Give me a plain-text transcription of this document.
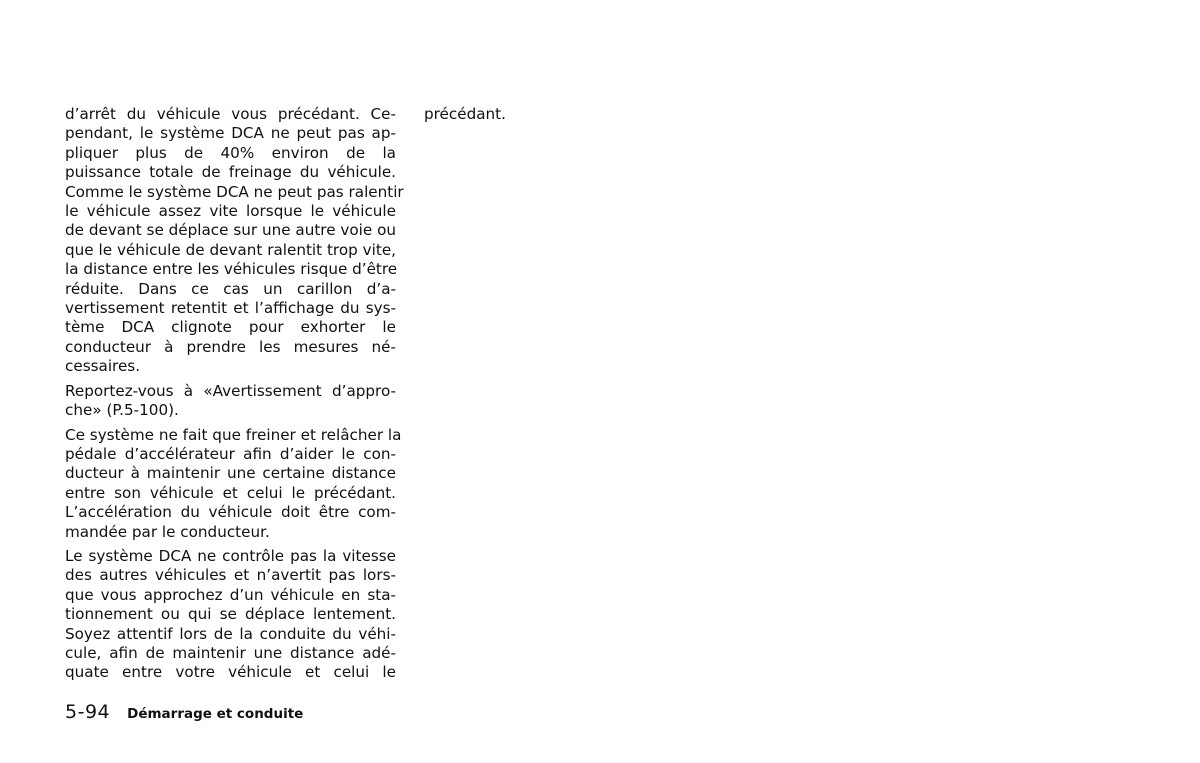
d’arrêt du véhicule vous précédant. Ce-
pendant, le système DCA ne peut pas ap-
pliquer plus de 40% environ de la
puissance totale de freinage du véhicule.
Comme le système DCA ne peut pas ralentir
le véhicule assez vite lorsque le véhicule
de devant se déplace sur une autre voie ou
que le véhicule de devant ralentit trop vite,
la distance entre les véhicules risque d’être
réduite. Dans ce cas un carillon d’a-
vertissement retentit et l’affichage du sys-
tème DCA clignote pour exhorter le
conducteur à prendre les mesures né-
cessaires.

Reportez-vous à «Avertissement d’appro-
che» (P.5-100).

Ce système ne fait que freiner et relâcher la
pédale d’accélérateur afin d’aider le con-
ducteur à maintenir une certaine distance
entre son véhicule et celui le précédant.
L’accélération du véhicule doit être com-
mandée par le conducteur.

Le système DCA ne contrôle pas la vitesse
des autres véhicules et n’avertit pas lors-
que vous approchez d’un véhicule en sta-
tionnement ou qui se déplace lentement.
Soyez attentif lors de la conduite du véhi-
cule, afin de maintenir une distance adé-
quate entre votre véhicule et celui le

précédant.
5-94 Démarrage et conduite
